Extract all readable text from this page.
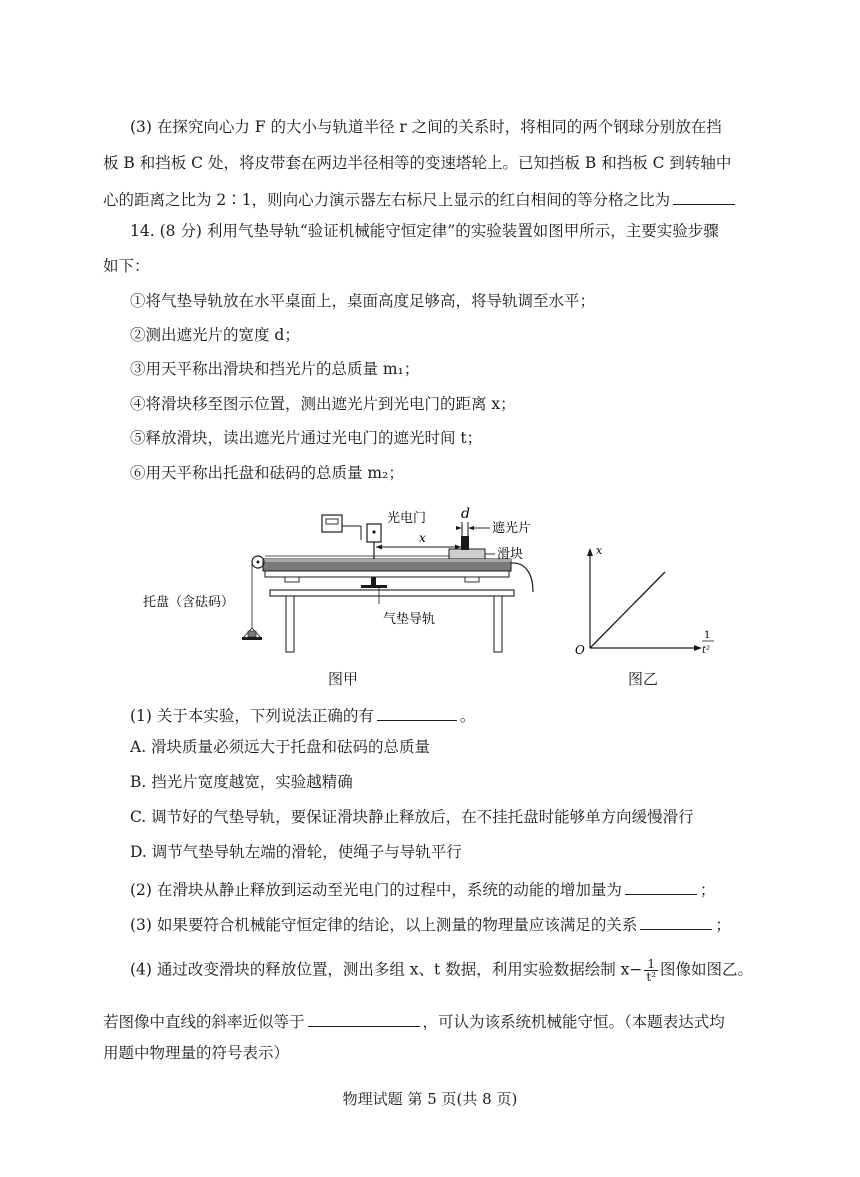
(3) 在探究向心力 F 的大小与轨道半径 r 之间的关系时，将相同的两个钢球分别放在挡
板 B 和挡板 C 处，将皮带套在两边半径相等的变速塔轮上。已知挡板 B 和挡板 C 到转轴中
心的距离之比为 2∶1，则向心力演示器左右标尺上显示的红白相间的等分格之比为
14. (8 分) 利用气垫导轨“验证机械能守恒定律”的实验装置如图甲所示，主要实验步骤
如下：
①将气垫导轨放在水平桌面上，桌面高度足够高，将导轨调至水平；
②测出遮光片的宽度 d；
③用天平称出滑块和挡光片的总质量 m₁；
④将滑块移至图示位置，测出遮光片到光电门的距离 x；
⑤释放滑块，读出遮光片通过光电门的遮光时间 t；
⑥用天平称出托盘和砝码的总质量 m₂；
光电门 d
遮光片
x
滑块
托盘（含砝码）
气垫导轨
x
O
1
t²
图甲	图乙
(1) 关于本实验，下列说法正确的有	。
A. 滑块质量必须远大于托盘和砝码的总质量
B. 挡光片宽度越宽，实验越精确
C. 调节好的气垫导轨，要保证滑块静止释放后，在不挂托盘时能够单方向缓慢滑行
D. 调节气垫导轨左端的滑轮，使绳子与导轨平行
(2) 在滑块从静止释放到运动至光电门的过程中，系统的动能的增加量为	；
(3) 如果要符合机械能守恒定律的结论，以上测量的物理量应该满足的关系	；
(4) 通过改变滑块的释放位置，测出多组 x、t 数据，利用实验数据绘制 $x- \frac{1}{\text{t²}}$ 图像如图乙。
若图像中直线的斜率近似等于	，可认为该系统机械能守恒。（本题表达式均
用题中物理量的符号表示）
物理试题 第 5 页(共 8 页)
